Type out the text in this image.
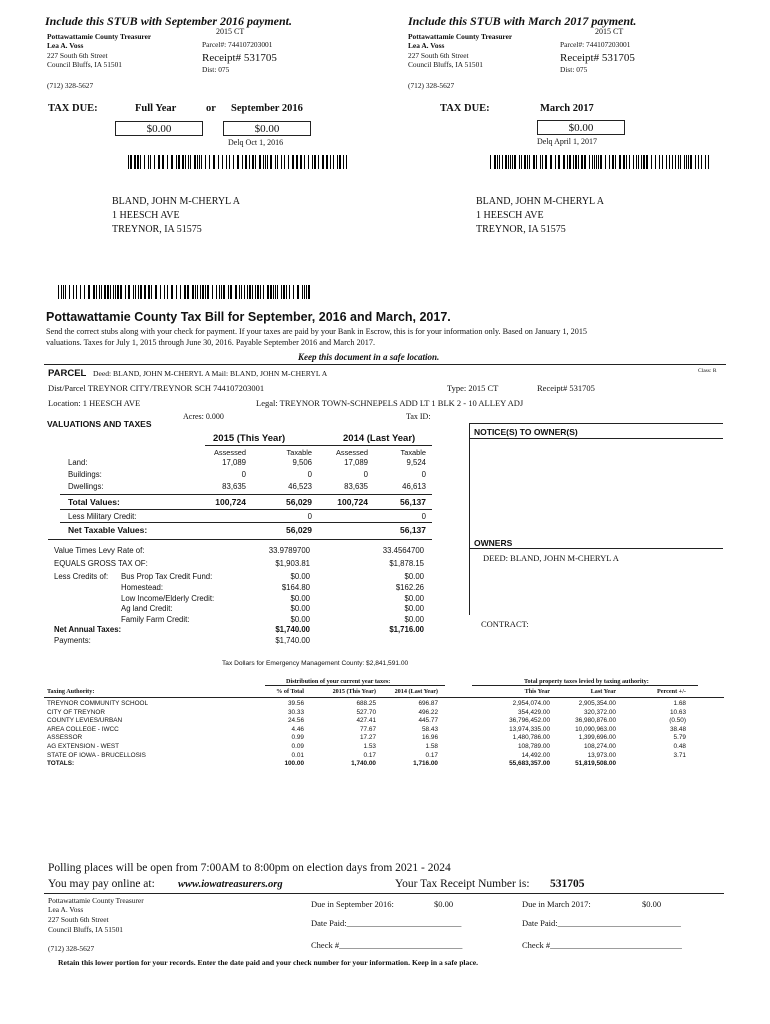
Include this STUB with September 2016 payment.
2015 CT
Pottawattamie County Treasurer
Lea A. Voss
227 South 6th Street
Council Bluffs, IA 51501
Parcel#: 744107203001
Receipt# 531705
Dist: 075
(712) 328-5627
TAX DUE:	Full Year	or September 2016
$0.00	$0.00
Delq Oct 1, 2016
BLAND, JOHN M-CHERYL A
1 HEESCH AVE
TREYNOR, IA 51575
Include this STUB with March 2017 payment.
2015 CT
Pottawattamie County Treasurer
Lea A. Voss
227 South 6th Street
Council Bluffs, IA 51501
Parcel#: 744107203001
Receipt# 531705
Dist: 075
(712) 328-5627
TAX DUE:	March 2017
$0.00
Delq April 1, 2017
BLAND, JOHN M-CHERYL A
1 HEESCH AVE
TREYNOR, IA 51575
Pottawattamie County Tax Bill for September, 2016 and March, 2017.
Send the correct stubs along with your check for payment. If your taxes are paid by your Bank in Escrow, this is for your information only. Based on January 1, 2015
valuations. Taxes for July 1, 2015 through June 30, 2016. Payable September 2016 and March 2017.
Keep this document in a safe location.
PARCEL Deed: BLAND, JOHN M-CHERYL A Mail: BLAND, JOHN M-CHERYL A	Class: R
Dist/Parcel TREYNOR CITY/TREYNOR SCH 744107203001	Type: 2015 CT	Receipt# 531705
Location: 1 HEESCH AVE	Legal: TREYNOR TOWN-SCHNEPELS ADD LT 1 BLK 2 - 10 ALLEY ADJ
Acres: 0.000	Tax ID:
VALUATIONS AND TAXES
2015 (This Year)	2014 (Last Year)
Assessed	Taxable	Assessed	Taxable
Land:	17,089	9,506	17,089	9,524
Buildings:	0	0	0	0
Dwellings:	83,635	46,523	83,635	46,613
Total Values:	100,724	56,029	100,724	56,137
Less Military Credit:	0	0
Net Taxable Values:	56,029	56,137
Value Times Levy Rate of:	33.9789700	33.4564700
EQUALS GROSS TAX OF:	$1,903.81	$1,878.15
Less Credits of: Bus Prop Tax Credit Fund:	$0.00	$0.00
Homestead:	$164.80	$162.26
Low Income/Elderly Credit:	$0.00	$0.00
Ag land Credit:	$0.00	$0.00
Family Farm Credit:	$0.00	$0.00
Net Annual Taxes:	$1,740.00	$1,716.00
Payments:	$1,740.00
NOTICE(S) TO OWNER(S)
OWNERS
DEED: BLAND, JOHN M-CHERYL A
CONTRACT:
Tax Dollars for Emergency Management County: $2,841,591.00
Distribution of your current year taxes:	Total property taxes levied by taxing authority:
Taxing Authority:	% of Total	2015 (This Year)	2014 (Last Year)	This Year	Last Year	Percent +/-
TREYNOR COMMUNITY SCHOOL	39.56	688.25	696.87	2,954,074.00	2,905,354.00	1.68
CITY OF TREYNOR	30.33	527.70	496.22	354,429.00	320,372.00	10.63
COUNTY LEVIES/URBAN	24.56	427.41	445.77	36,796,452.00	36,980,876.00	(0.50)
AREA COLLEGE - IWCC	4.46	77.67	58.43	13,974,335.00	10,090,963.00	38.48
ASSESSOR	0.99	17.27	16.96	1,480,786.00	1,399,696.00	5.79
AG EXTENSION - WEST	0.09	1.53	1.58	108,789.00	108,274.00	0.48
STATE OF IOWA - BRUCELLOSIS	0.01	0.17	0.17	14,492.00	13,973.00	3.71
TOTALS:	100.00	1,740.00	1,716.00	55,683,357.00	51,819,508.00
Polling places will be open from 7:00AM to 8:00pm on election days from 2021 - 2024
You may pay online at: www.iowatreasurers.org	Your Tax Receipt Number is: 531705
Pottawattamie County Treasurer
Lea A. Voss
227 South 6th Street
Council Bluffs, IA 51501
(712) 328-5627
Due in September 2016:	$0.00	Due in March 2017:	$0.00
Date Paid:___________________________	Date Paid:_____________________________
Check #_____________________________	Check #_______________________________
Retain this lower portion for your records. Enter the date paid and your check number for your information. Keep in a safe place.
